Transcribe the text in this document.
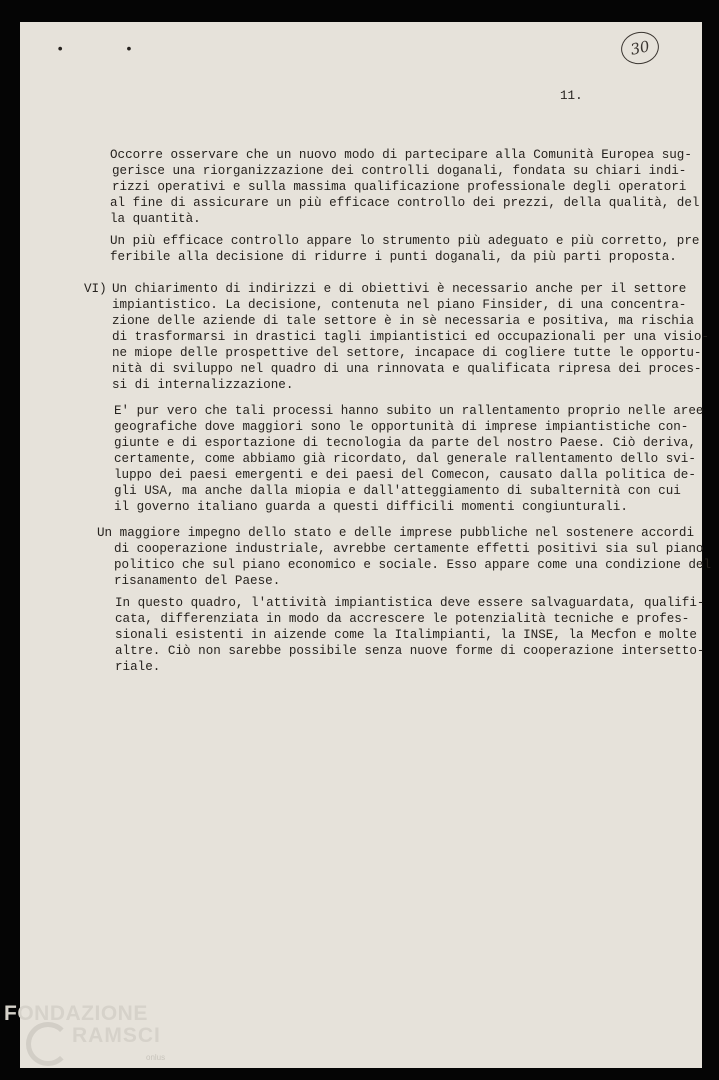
• •	30
11.
Occorre osservare che un nuovo modo di partecipare alla Comunità Europea sug-
gerisce una riorganizzazione dei controlli doganali, fondata su chiari indi-
rizzi operativi e sulla massima qualificazione professionale degli operatori
al fine di assicurare un più efficace controllo dei prezzi, della qualità, del
la quantità.
Un più efficace controllo appare lo strumento più adeguato e più corretto, pre
feribile alla decisione di ridurre i punti doganali, da più parti proposta.
VI) Un chiarimento di indirizzi e di obiettivi è necessario anche per il settore
impiantistico. La decisione, contenuta nel piano Finsider, di una concentra-
zione delle aziende di tale settore è in sè necessaria e positiva, ma rischia
di trasformarsi in drastici tagli impiantistici ed occupazionali per una visio-
ne miope delle prospettive del settore, incapace di cogliere tutte le opportu-
nità di sviluppo nel quadro di una rinnovata e qualificata ripresa dei proces-
si di internalizzazione.
E' pur vero che tali processi hanno subito un rallentamento proprio nelle aree
geografiche dove maggiori sono le opportunità di imprese impiantistiche con-
giunte e di esportazione di tecnologia da parte del nostro Paese. Ciò deriva,
certamente, come abbiamo già ricordato, dal generale rallentamento dello svi-
luppo dei paesi emergenti e dei paesi del Comecon, causato dalla politica de-
gli USA, ma anche dalla miopia e dall'atteggiamento di subalternità con cui
il governo italiano guarda a questi difficili momenti congiunturali.
Un maggiore impegno dello stato e delle imprese pubbliche nel sostenere accordi
di cooperazione industriale, avrebbe certamente effetti positivi sia sul piano
politico che sul piano economico e sociale. Esso appare come una condizione del
risanamento del Paese.
In questo quadro, l'attività impiantistica deve essere salvaguardata, qualifi-
cata, differenziata in modo da accrescere le potenzialità tecniche e profes-
sionali esistenti in aizende come la Italimpianti, la INSE, la Mecfon e molte
altre. Ciò non sarebbe possibile senza nuove forme di cooperazione intersetto-
riale.
FONDAZIONE
RAMSCI
onlus
